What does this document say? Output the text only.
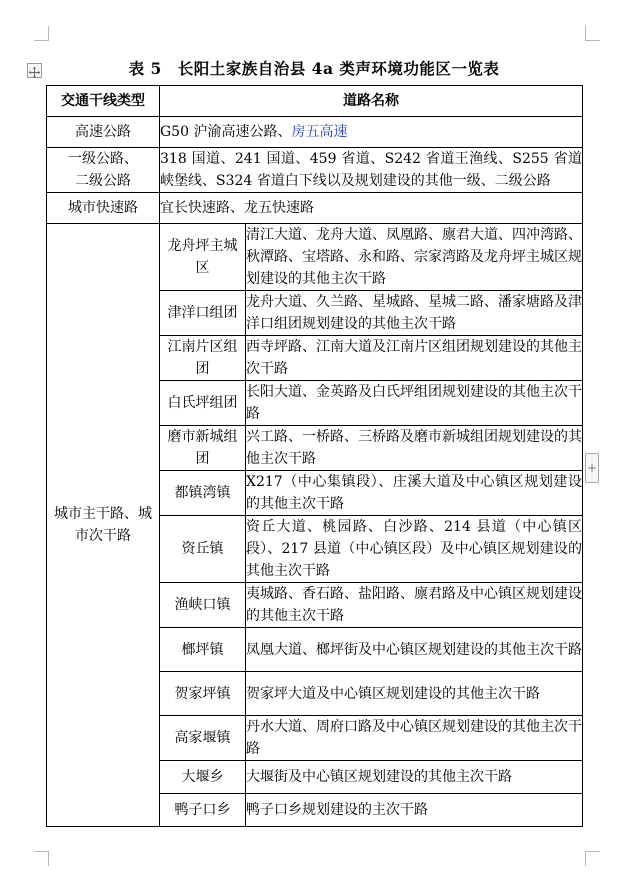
+
表 5　长阳土家族自治县 4a 类声环境功能区一览表
交通干线类型	道路名称	
高速公路	G50 沪渝高速公路、房五高速	
一级公路、二级公路	318 国道、241 国道、459 省道、S242 省道王渔线、S255 省道峡堡线、S324 省道白下线以及规划建设的其他一级、二级公路	
城市快速路	宜长快速路、龙五快速路	
城市主干路、城市次干路	龙舟坪主城区	清江大道、龙舟大道、凤凰路、廪君大道、四冲湾路、秋潭路、宝塔路、永和路、宗家湾路及龙舟坪主城区规划建设的其他主次干路
	津洋口组团	龙舟大道、久兰路、星城路、星城二路、潘家塘路及津洋口组团规划建设的其他主次干路
	江南片区组团	西寺坪路、江南大道及江南片区组团规划建设的其他主次干路
	白氏坪组团	长阳大道、金英路及白氏坪组团规划建设的其他主次干路
	磨市新城组团	兴工路、一桥路、三桥路及磨市新城组团规划建设的其他主次干路
	都镇湾镇	X217（中心集镇段）、庄溪大道及中心镇区规划建设的其他主次干路
	资丘镇	资丘大道、桃园路、白沙路、214 县道（中心镇区段）、217 县道（中心镇区段）及中心镇区规划建设的其他主次干路
	渔峡口镇	夷城路、香石路、盐阳路、廪君路及中心镇区规划建设的其他主次干路
	榔坪镇	凤凰大道、榔坪街及中心镇区规划建设的其他主次干路
	贺家坪镇	贺家坪大道及中心镇区规划建设的其他主次干路
	高家堰镇	丹水大道、周府口路及中心镇区规划建设的其他主次干路
	大堰乡	大堰街及中心镇区规划建设的其他主次干路
	鸭子口乡	鸭子口乡规划建设的主次干路
